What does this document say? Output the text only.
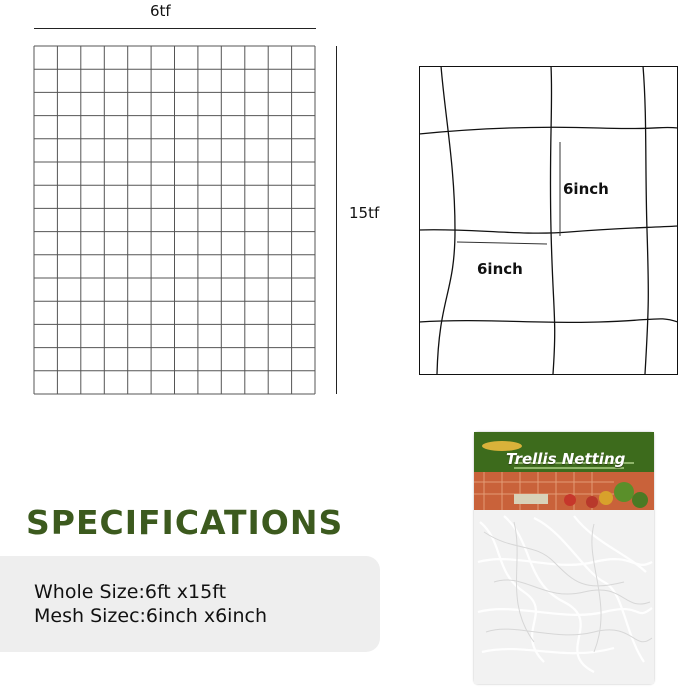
6tf
15tf
6inch
6inch
SPECIFICATIONS
Whole Size:6ft x15ft
Mesh Sizec:6inch x6inch
Trellis Netting
